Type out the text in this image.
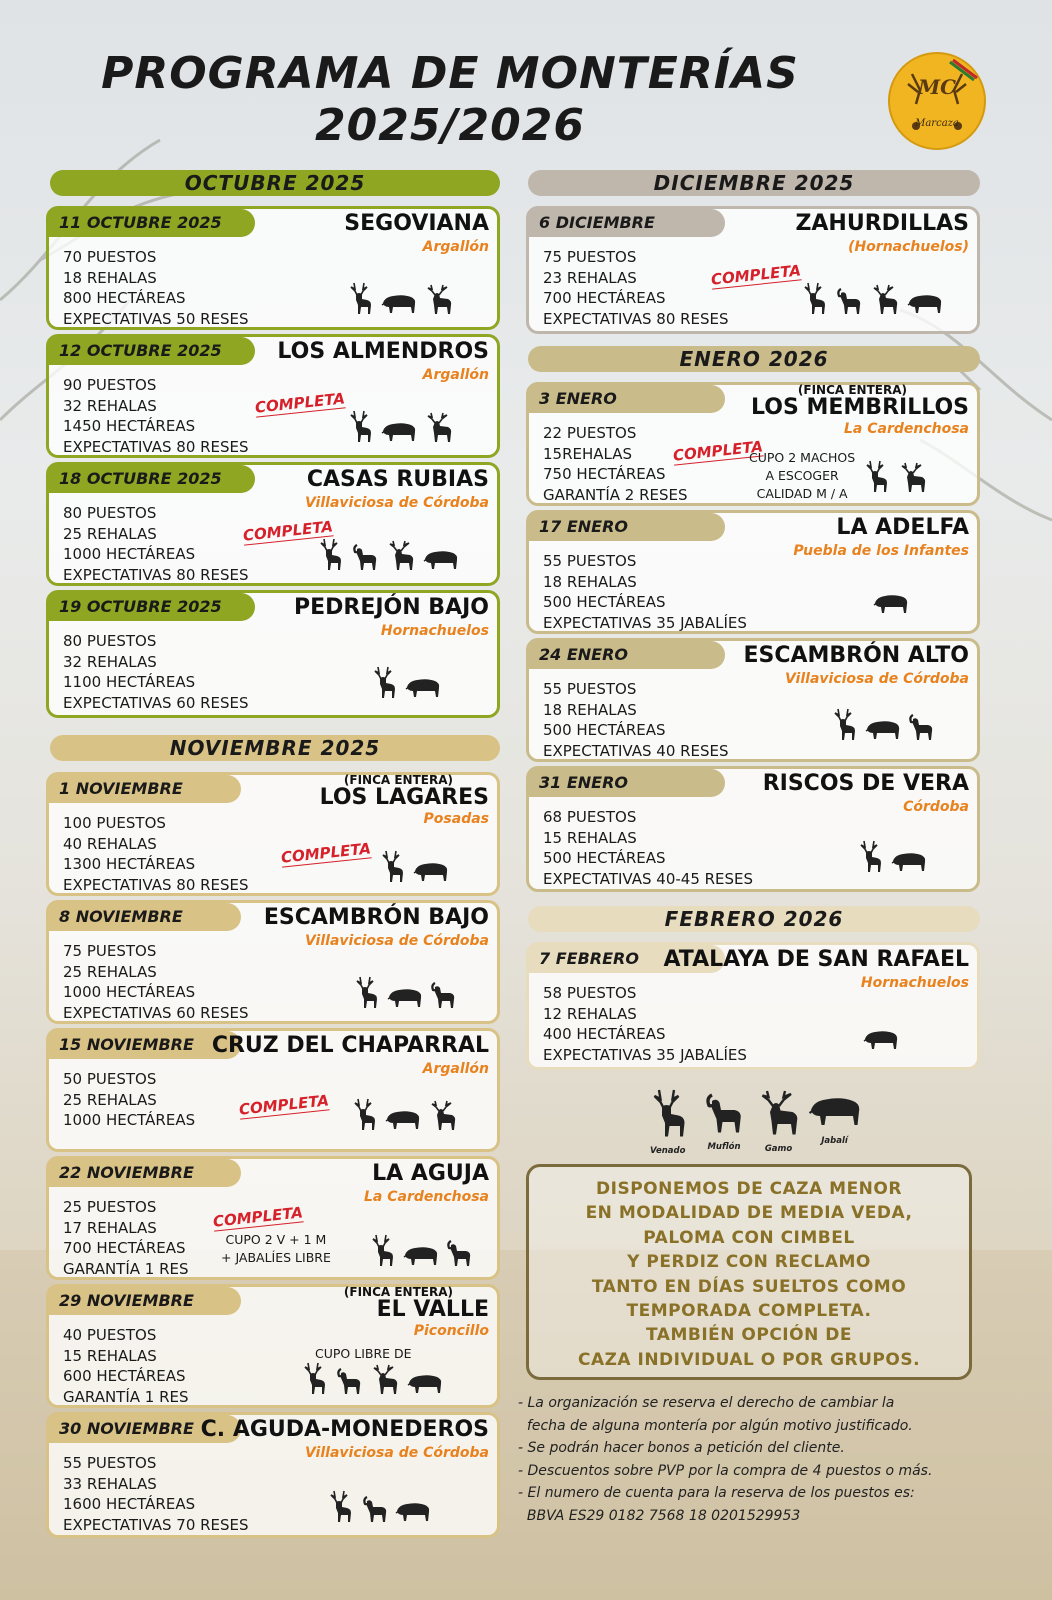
PROGRAMA DE MONTERÍAS
2025/2026
MC
Marcaza
OCTUBRE 2025
NOVIEMBRE 2025
DICIEMBRE 2025
ENERO 2026
FEBRERO 2026
11 OCTUBRE 2025	SEGOVIANA
Argallón
70 PUESTOS
18 REHALAS
800 HECTÁREAS
EXPECTATIVAS 50 RESES
12 OCTUBRE 2025	LOS ALMENDROS
Argallón
90 PUESTOS
32 REHALAS
1450 HECTÁREAS
EXPECTATIVAS 80 RESES
COMPLETA
18 OCTUBRE 2025	CASAS RUBIAS
Villaviciosa de Córdoba
80 PUESTOS
25 REHALAS
1000 HECTÁREAS
EXPECTATIVAS 80 RESES
COMPLETA
19 OCTUBRE 2025	PEDREJÓN BAJO
Hornachuelos
80 PUESTOS
32 REHALAS
1100 HECTÁREAS
EXPECTATIVAS 60 RESES
1 NOVIEMBRE	(FINCA ENTERA)
LOS LAGARES
Posadas
100 PUESTOS
40 REHALAS
1300 HECTÁREAS
EXPECTATIVAS 80 RESES
COMPLETA
8 NOVIEMBRE	ESCAMBRÓN BAJO
Villaviciosa de Córdoba
75 PUESTOS
25 REHALAS
1000 HECTÁREAS
EXPECTATIVAS 60 RESES
15 NOVIEMBRE CRUZ DEL CHAPARRAL
Argallón
50 PUESTOS
25 REHALAS
1000 HECTÁREAS
COMPLETA
22 NOVIEMBRE	LA AGUJA
La Cardenchosa
25 PUESTOS
17 REHALAS
700 HECTÁREAS
GARANTÍA 1 RES
COMPLETA
CUPO 2 V + 1 M
+ JABALÍES LIBRE
29 NOVIEMBRE	(FINCA ENTERA)
EL VALLE
Piconcillo
40 PUESTOS
15 REHALAS
600 HECTÁREAS
GARANTÍA 1 RES
CUPO LIBRE DE
30 NOVIEMBRE C. AGUDA-MONEDEROS
Villaviciosa de Córdoba
55 PUESTOS
33 REHALAS
1600 HECTÁREAS
EXPECTATIVAS 70 RESES
6 DICIEMBRE	ZAHURDILLAS
(Hornachuelos)
75 PUESTOS
23 REHALAS
700 HECTÁREAS
EXPECTATIVAS 80 RESES
COMPLETA
3 ENERO	(FINCA ENTERA)
LOS MEMBRILLOS
La Cardenchosa
22 PUESTOS
15REHALAS
750 HECTÁREAS
GARANTÍA 2 RESES
COMPLETA
CUPO 2 MACHOS
A ESCOGER
CALIDAD M / A
17 ENERO	LA ADELFA
Puebla de los Infantes
55 PUESTOS
18 REHALAS
500 HECTÁREAS
EXPECTATIVAS 35 JABALÍES
24 ENERO	ESCAMBRÓN ALTO
Villaviciosa de Córdoba
55 PUESTOS
18 REHALAS
500 HECTÁREAS
EXPECTATIVAS 40 RESES
31 ENERO	RISCOS DE VERA
Córdoba
68 PUESTOS
15 REHALAS
500 HECTÁREAS
EXPECTATIVAS 40-45 RESES
7 FEBRERO	ATALAYA DE SAN RAFAEL
Hornachuelos
58 PUESTOS
12 REHALAS
400 HECTÁREAS
EXPECTATIVAS 35 JABALÍES
Venado	Muflón	Gamo
Jabalí
DISPONEMOS DE CAZA MENOR
EN MODALIDAD DE MEDIA VEDA,
PALOMA CON CIMBEL
Y PERDIZ CON RECLAMO
TANTO EN DÍAS SUELTOS COMO
TEMPORADA COMPLETA.
TAMBIÉN OPCIÓN DE
CAZA INDIVIDUAL O POR GRUPOS.
- La organización se reserva el derecho de cambiar la
fecha de alguna montería por algún motivo justificado.
- Se podrán hacer bonos a petición del cliente.
- Descuentos sobre PVP por la compra de 4 puestos o más.
- El numero de cuenta para la reserva de los puestos es:
BBVA ES29 0182 7568 18 0201529953
